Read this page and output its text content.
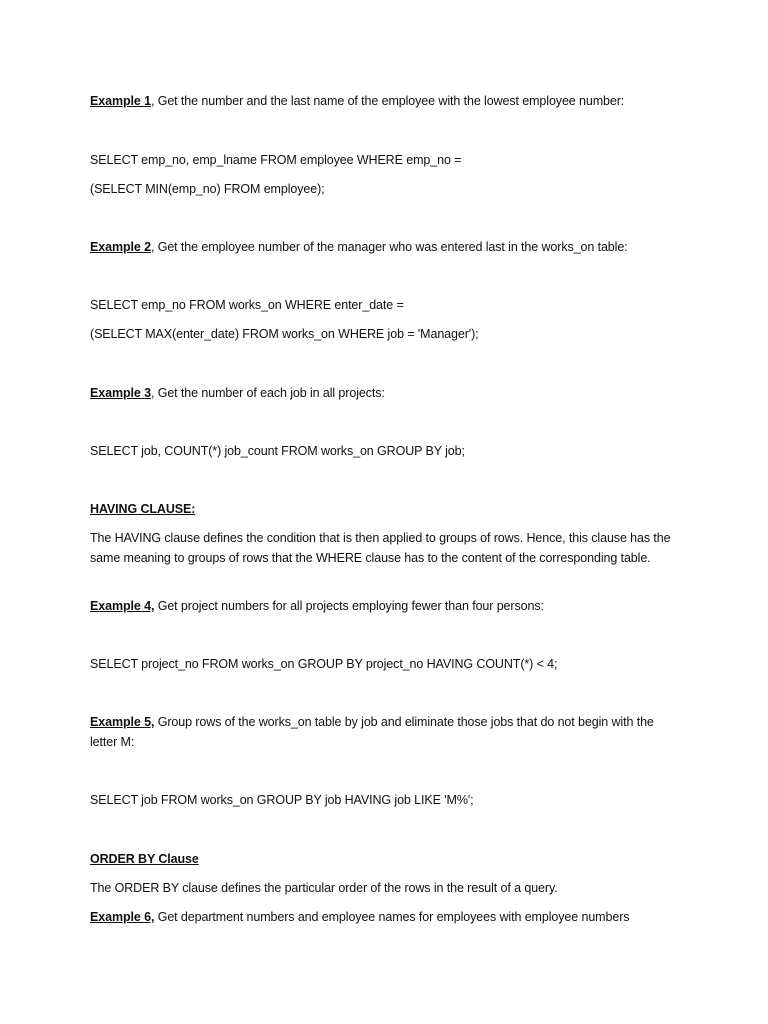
Example 1, Get the number and the last name of the employee with the lowest employee number:
SELECT emp_no, emp_lname FROM employee WHERE emp_no =
(SELECT MIN(emp_no) FROM employee);
Example 2, Get the employee number of the manager who was entered last in the works_on table:
SELECT emp_no FROM works_on WHERE enter_date =
(SELECT MAX(enter_date) FROM works_on WHERE job = 'Manager');
Example 3, Get the number of each job in all projects:
SELECT job, COUNT(*) job_count FROM works_on GROUP BY job;
HAVING CLAUSE:
The HAVING clause defines the condition that is then applied to groups of rows. Hence, this clause has the same meaning to groups of rows that the WHERE clause has to the content of the corresponding table.
Example 4, Get project numbers for all projects employing fewer than four persons:
SELECT project_no FROM works_on GROUP BY project_no HAVING COUNT(*) < 4;
Example 5, Group rows of the works_on table by job and eliminate those jobs that do not begin with the letter M:
SELECT job FROM works_on GROUP BY job HAVING job LIKE 'M%';
ORDER BY Clause
The ORDER BY clause defines the particular order of the rows in the result of a query.
Example 6, Get department numbers and employee names for employees with employee numbers
